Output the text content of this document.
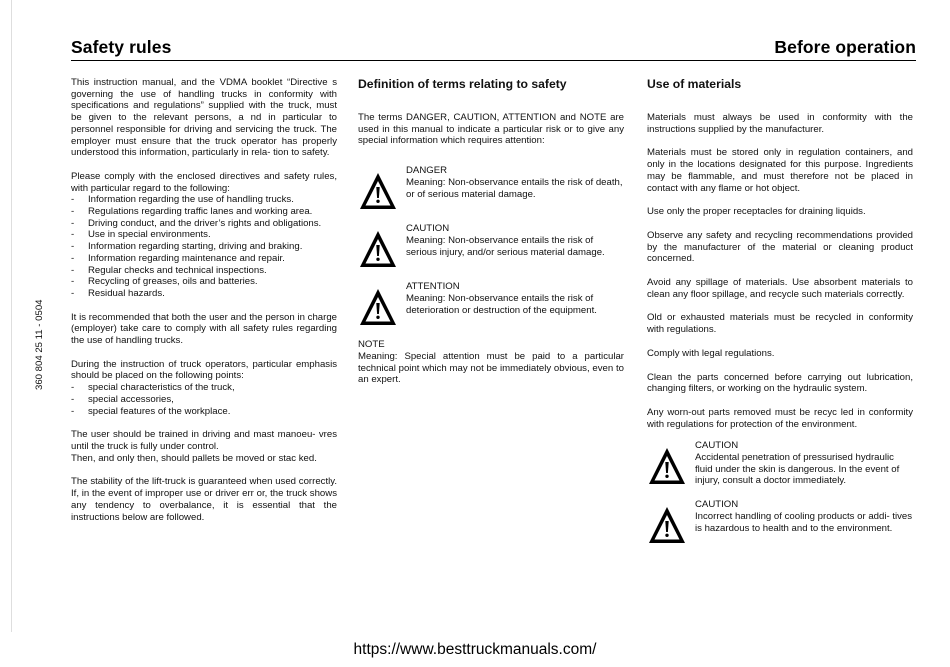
Safety rules	Before operation
360 804 25 11 - 0504

This instruction manual, and the VDMA booklet “Directive s governing the use of handling trucks in conformity with specifications and regulations” supplied with the truck, must be given to the relevant persons, a nd in particular to personnel responsible for driving and servicing the truck. The employer must ensure that the truck operator has properly understood this information, particularly in rela- tion to safety.

Please comply with the enclosed directives and safety rules, with particular regard to the following:

- Information regarding the use of handling trucks.
- Regulations regarding traffic lanes and working area.
- Driving conduct, and the driver’s rights and obligations.
- Use in special environments.
- Information regarding starting, driving and braking.
- Information regarding maintenance and repair.
- Regular checks and technical inspections.
- Recycling of greases, oils and batteries.
- Residual hazards.

It is recommended that both the user and the person in charge (employer) take care to comply with all safety rules regarding the use of handling trucks.

During the instruction of truck operators, particular emphasis should be placed on the following points:

- special characteristics of the truck,
- special accessories,
- special features of the workplace.

The user should be trained in driving and mast manoeu- vres until the truck is fully under control.
Then, and only then, should pallets be moved or stac ked.

The stability of the lift-truck is guaranteed when used correctly. If, in the event of improper use or driver err or, the truck shows any tendency to overbalance, it is essential that the instructions below are followed.

Definition of terms relating to safety

The terms DANGER, CAUTION, ATTENTION and NOTE are used in this manual to indicate a particular risk or to give any special information which requires attention:

DANGER
Meaning: Non-observance entails the risk of death, or of serious material damage.
CAUTION
Meaning: Non-observance entails the risk of serious injury, and/or serious material damage.
ATTENTION
Meaning: Non-observance entails the risk of deterioration or destruction of the equipment.
NOTE

Meaning: Special attention must be paid to a particular technical point which may not be immediately obvious, even to an expert.

Use of materials

Materials must always be used in conformity with the instructions supplied by the manufacturer.

Materials must be stored only in regulation containers, and only in the locations designated for this purpose. Ingredients may be flammable, and must therefore not be placed in contact with any flame or hot object.

Use only the proper receptacles for draining liquids.

Observe any safety and recycling recommendations provided by the manufacturer of the material or cleaning product concerned.

Avoid any spillage of materials. Use absorbent materials to clean any floor spillage, and recycle such materials correctly.

Old or exhausted materials must be recycled in conformity with regulations.

Comply with legal regulations.

Clean the parts concerned before carrying out lubrication, changing filters, or working on the hydraulic system.

Any worn-out parts removed must be recyc led in conformity with regulations for protection of the environment.

CAUTION
Accidental penetration of pressurised hydraulic fluid under the skin is dangerous. In the event of injury, consult a doctor immediately.
CAUTION
Incorrect handling of cooling products or addi- tives is hazardous to health and to the environment.
https://www.besttruckmanuals.com/
